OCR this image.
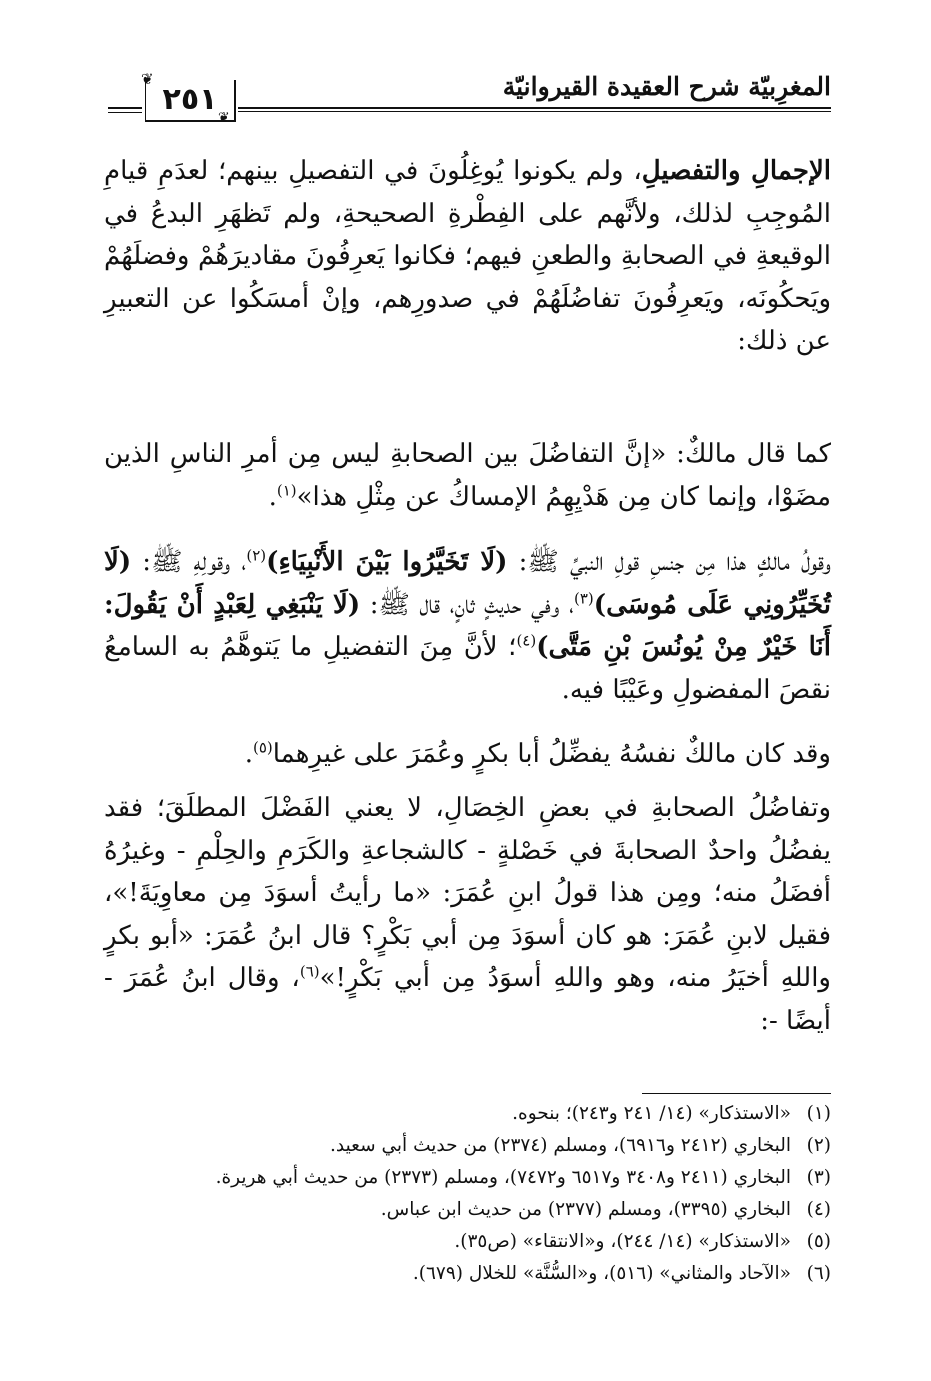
المغرِبيّة شرح العقيدة القيروانيّة
٢٥١
❦
❦
الإجمالِ والتفصيلِ، ولم يكونوا يُوغِلُونَ في التفصيلِ بينهم؛ لعدَمِ قيامِ المُوجِبِ لذلك، ولأنَّهم على الفِطْرةِ الصحيحةِ، ولم تَظهَرِ البدعُ في الوقيعةِ في الصحابةِ والطعنِ فيهم؛ فكانوا يَعرِفُونَ مقاديرَهُمْ وفضلَهُمْ ويَحكُونَه، ويَعرِفُونَ تفاضُلَهُمْ في صدورِهم، وإنْ أمسَكُوا عن التعبيرِ عن ذلك:
كما قال مالكٌ: «إنَّ التفاضُلَ بين الصحابةِ ليس مِن أمرِ الناسِ الذين مضَوْا، وإنما كان مِن هَدْيِهِمُ الإمساكُ عن مِثْلِ هذا»$^{(١)}$.
وقولُ مالكٍ هذا مِن جنسِ قولِ النبيِّ ﷺ: (لَا تَخَيَّرُوا بَيْنَ الأَنْبِيَاءِ)$^{(٢)}$، وقولِهِ ﷺ: (لَا تُخَيِّرُونِي عَلَى مُوسَى)$^{(٣)}$، وفي حديثٍ ثانٍ، قال ﷺ: (لَا يَنْبَغِي لِعَبْدٍ أَنْ يَقُولَ: أَنَا خَيْرٌ مِنْ يُونُسَ بْنِ مَتَّى)$^{(٤)}$؛ لأنَّ مِنَ التفضيلِ ما يَتوهَّمُ به السامعُ نقصَ المفضولِ وعَيْبًا فيه.
وقد كان مالكٌ نفسُهُ يفضِّلُ أبا بكرٍ وعُمَرَ على غيرِهما$^{(٥)}$.
وتفاضُلُ الصحابةِ في بعضِ الخِصَالِ، لا يعني الفَضْلَ المطلَقَ؛ فقد يفضُلُ واحدٌ الصحابةَ في خَصْلةٍ - كالشجاعةِ والكَرَمِ والحِلْمِ - وغيرُهُ أفضَلُ منه؛ ومِن هذا قولُ ابنِ عُمَرَ: «ما رأيتُ أسوَدَ مِن معاوِيَةَ!»، فقيل لابنِ عُمَرَ: هو كان أسوَدَ مِن أبي بَكْرٍ؟ قال ابنُ عُمَرَ: «أبو بكرٍ واللهِ أخيَرُ منه، وهو واللهِ أسوَدُ مِن أبي بَكْرٍ!»$^{(٦)}$، وقال ابنُ عُمَرَ - أيضًا -:
(١)«الاستذكار» (١٤/ ٢٤١ و٢٤٣)؛ بنحوه.
(٢)البخاري (٢٤١٢ و٦٩١٦)، ومسلم (٢٣٧٤) من حديث أبي سعيد.
(٣)البخاري (٢٤١١ و٣٤٠٨ و٦٥١٧ و٧٤٧٢)، ومسلم (٢٣٧٣) من حديث أبي هريرة.
(٤)البخاري (٣٣٩٥)، ومسلم (٢٣٧٧) من حديث ابن عباس.
(٥)«الاستذكار» (١٤/ ٢٤٤)، و«الانتقاء» (ص٣٥).
(٦)«الآحاد والمثاني» (٥١٦)، و«السُّنَّة» للخلال (٦٧٩).
